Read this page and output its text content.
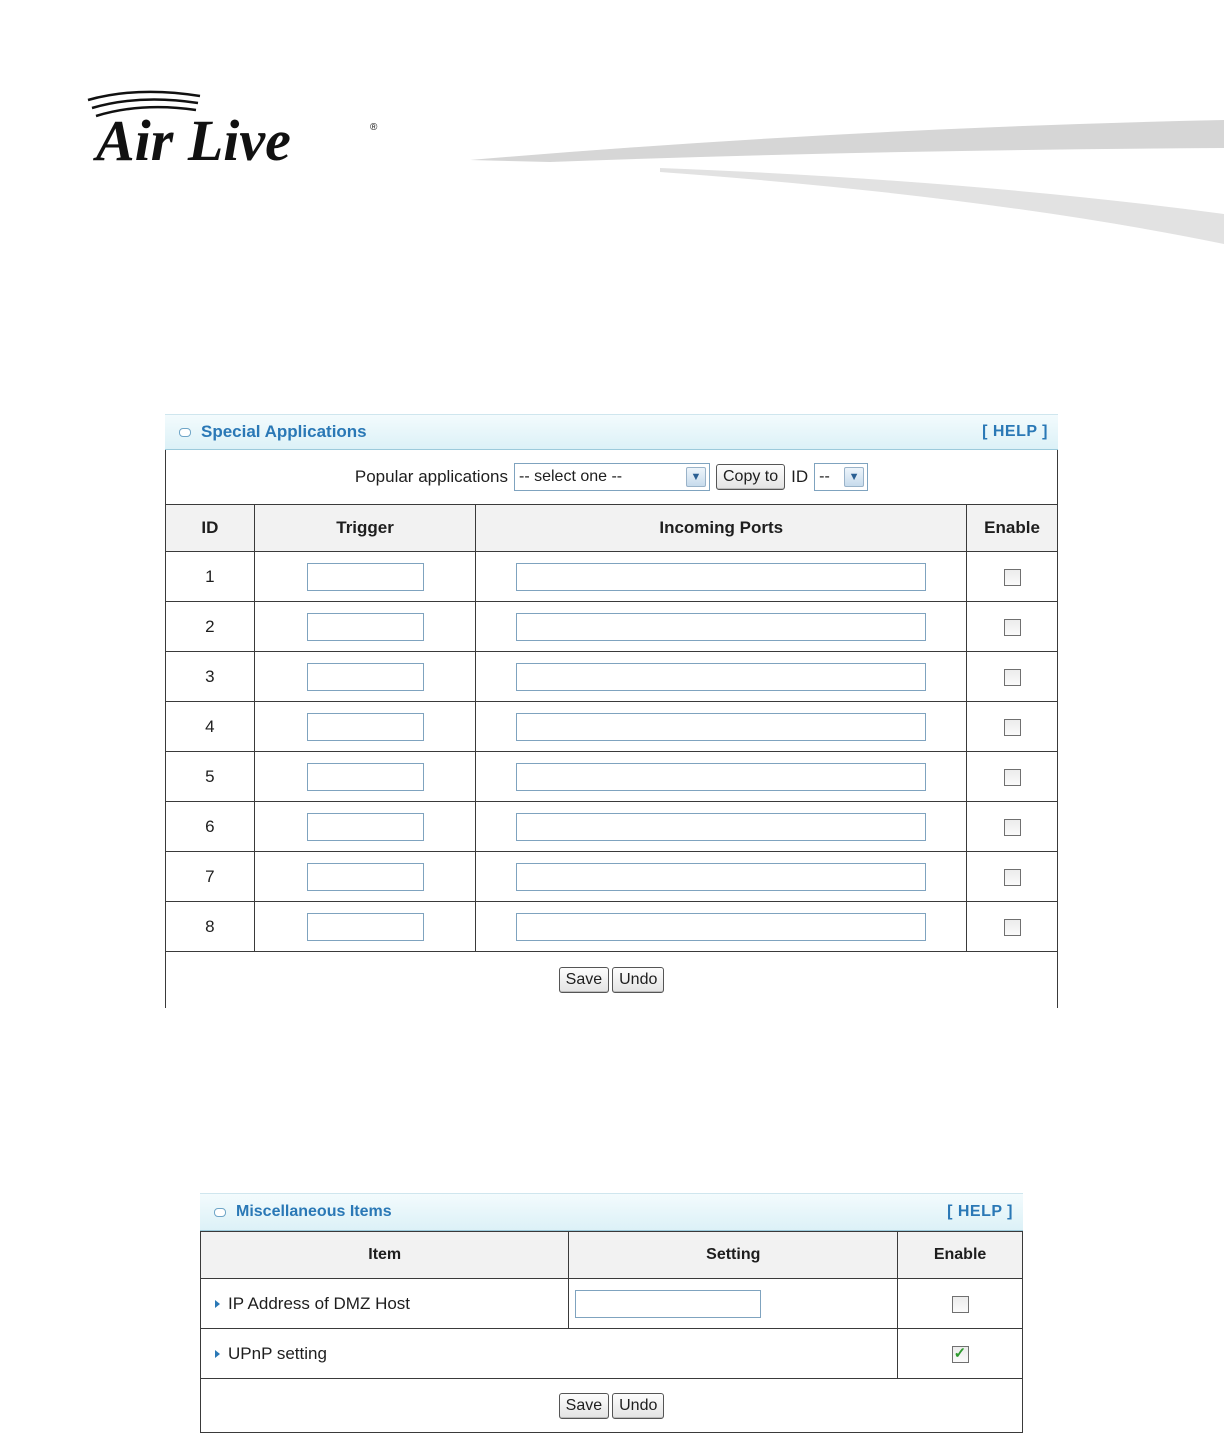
Air Live	®
Special Applications	[ HELP ]
Popular applications -- select one --	▼	Copy to ID --	▼
ID	Trigger	Incoming Ports	Enable
1			
2			
3			
4			
5			
6			
7			
8			
Save	Undo
Miscellaneous Items	[ HELP ]
Item	Setting	Enable
IP Address of DMZ Host		
UPnP setting	✓
Save	Undo
